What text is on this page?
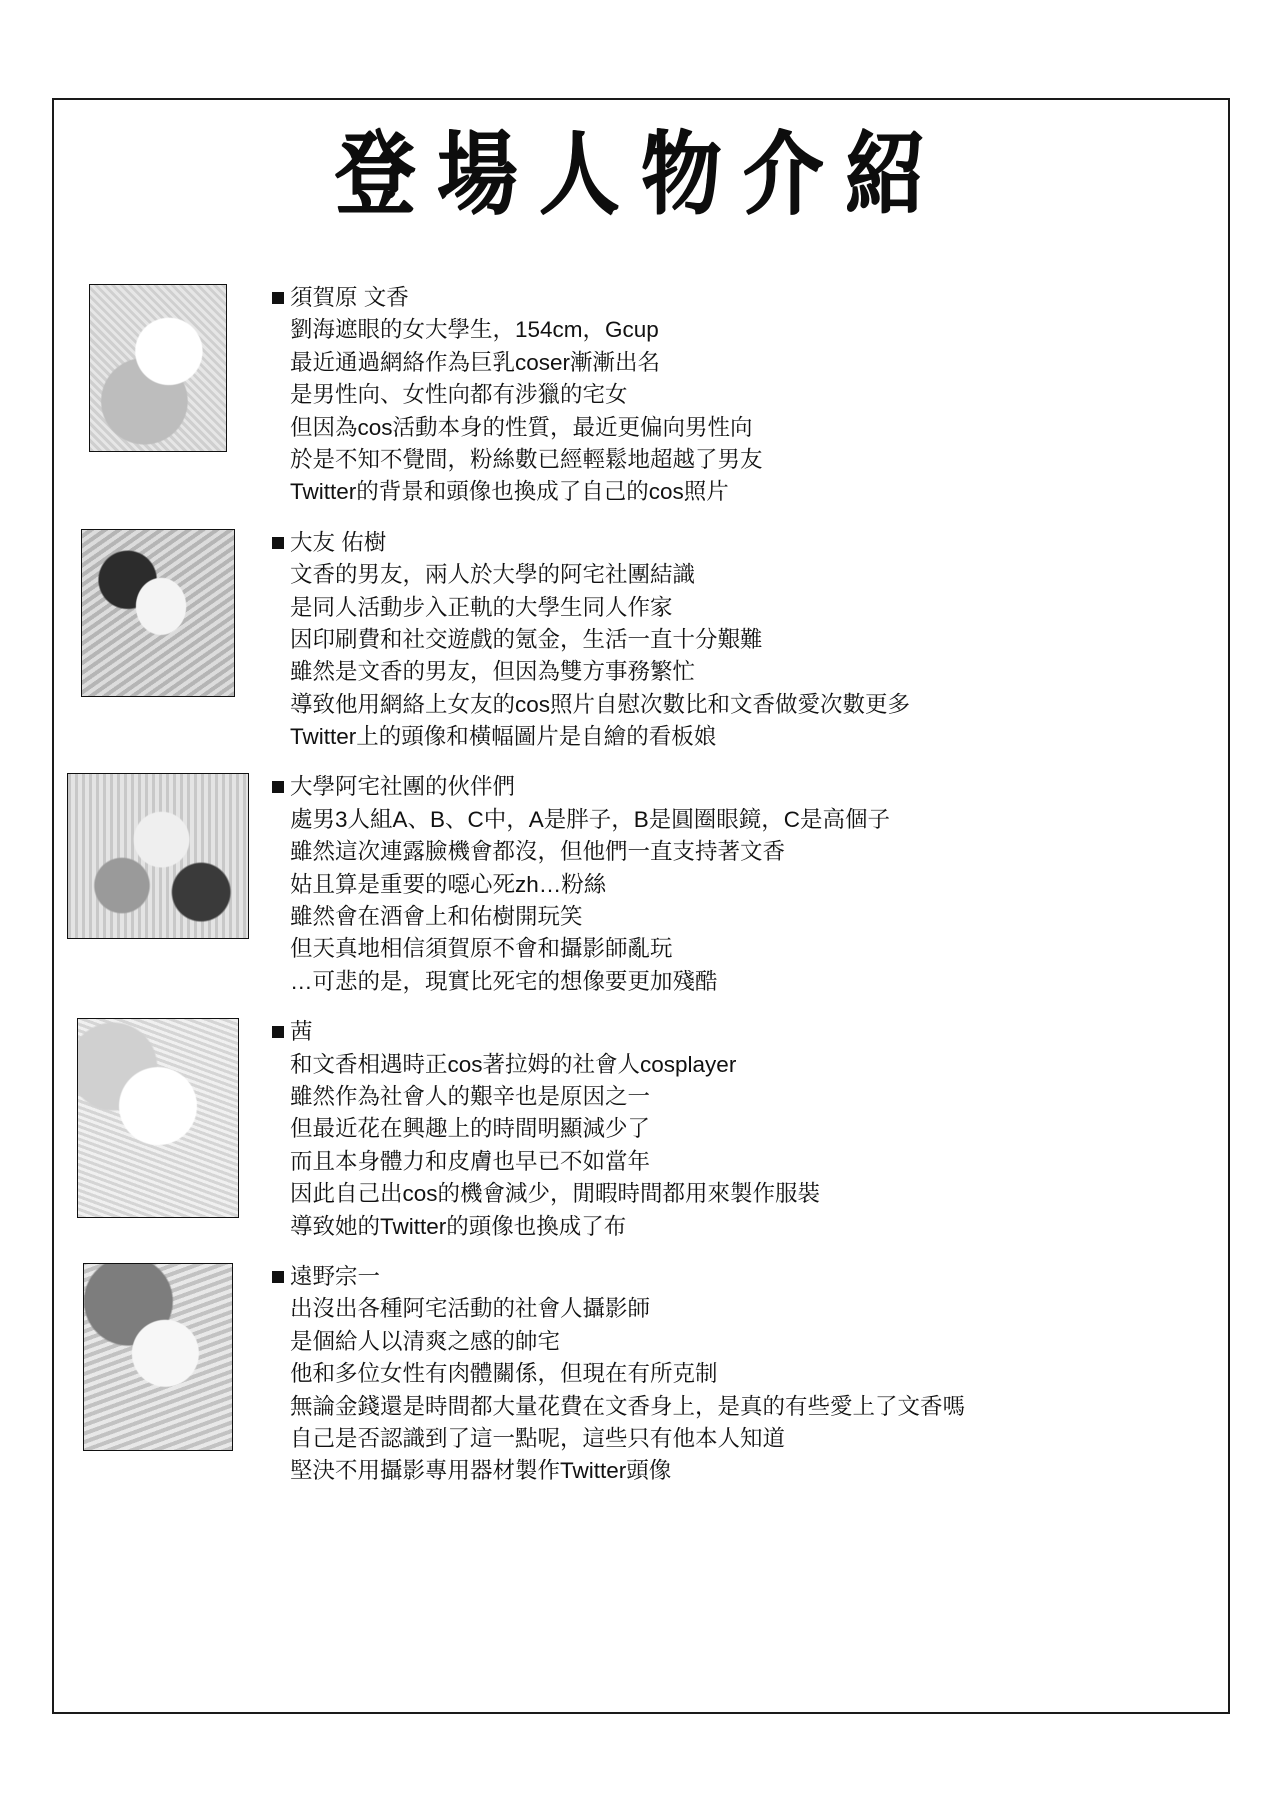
登場人物介紹
須賀原 文香
劉海遮眼的女大學生，154cm，Gcup
最近通過網絡作為巨乳coser漸漸出名
是男性向、女性向都有涉獵的宅女
但因為cos活動本身的性質，最近更偏向男性向
於是不知不覺間，粉絲數已經輕鬆地超越了男友
Twitter的背景和頭像也換成了自己的cos照片
大友 佑樹
文香的男友，兩人於大學的阿宅社團結識
是同人活動步入正軌的大學生同人作家
因印刷費和社交遊戲的氪金，生活一直十分艱難
雖然是文香的男友，但因為雙方事務繁忙
導致他用網絡上女友的cos照片自慰次數比和文香做愛次數更多
Twitter上的頭像和橫幅圖片是自繪的看板娘
大學阿宅社團的伙伴們
處男3人組A、B、C中，A是胖子，B是圓圈眼鏡，C是高個子
雖然這次連露臉機會都沒，但他們一直支持著文香
姑且算是重要的噁心死zh…粉絲
雖然會在酒會上和佑樹開玩笑
但天真地相信須賀原不會和攝影師亂玩
…可悲的是，現實比死宅的想像要更加殘酷
茜
和文香相遇時正cos著拉姆的社會人cosplayer
雖然作為社會人的艱辛也是原因之一
但最近花在興趣上的時間明顯減少了
而且本身體力和皮膚也早已不如當年
因此自己出cos的機會減少，閒暇時間都用來製作服裝
導致她的Twitter的頭像也換成了布
遠野宗一
出沒出各種阿宅活動的社會人攝影師
是個給人以清爽之感的帥宅
他和多位女性有肉體關係，但現在有所克制
無論金錢還是時間都大量花費在文香身上，是真的有些愛上了文香嗎
自己是否認識到了這一點呢，這些只有他本人知道
堅決不用攝影專用器材製作Twitter頭像
